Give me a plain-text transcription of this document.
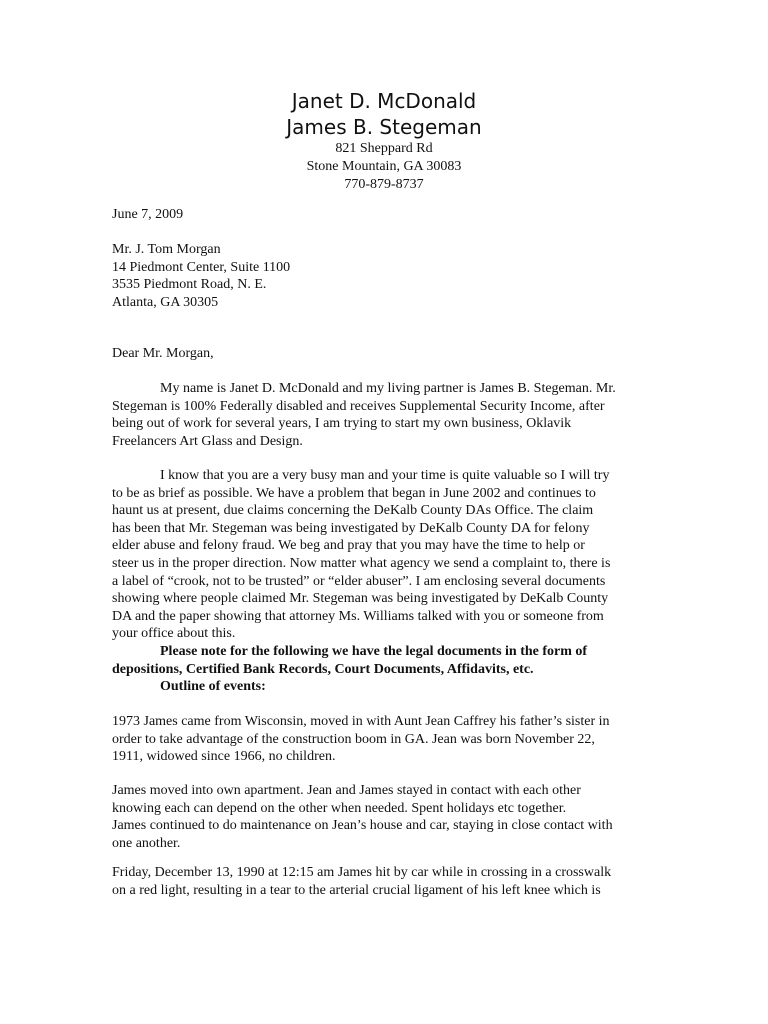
Janet D. McDonald

James B. Stegeman

821 Sheppard Rd

Stone Mountain, GA 30083

770-879-8737

June 7, 2009

Mr. J. Tom Morgan

14 Piedmont Center, Suite 1100

3535 Piedmont Road, N. E.

Atlanta, GA 30305

Dear Mr. Morgan,

My name is Janet D. McDonald and my living partner is James B. Stegeman. Mr.
Stegeman is 100% Federally disabled and receives Supplemental Security Income, after
being out of work for several years, I am trying to start my own business, Oklavik
Freelancers Art Glass and Design.
I know that you are a very busy man and your time is quite valuable so I will try
to be as brief as possible. We have a problem that began in June 2002 and continues to
haunt us at present, due claims concerning the DeKalb County DAs Office. The claim
has been that Mr. Stegeman was being investigated by DeKalb County DA for felony
elder abuse and felony fraud. We beg and pray that you may have the time to help or
steer us in the proper direction. Now matter what agency we send a complaint to, there is
a label of “crook, not to be trusted” or “elder abuser”. I am enclosing several documents
showing where people claimed Mr. Stegeman was being investigated by DeKalb County
DA and the paper showing that attorney Ms. Williams talked with you or someone from
your office about this.
Please note for the following we have the legal documents in the form of
depositions, Certified Bank Records, Court Documents, Affidavits, etc.
Outline of events:
1973 James came from Wisconsin, moved in with Aunt Jean Caffrey his father’s sister in
order to take advantage of the construction boom in GA. Jean was born November 22,
1911, widowed since 1966, no children.
James moved into own apartment. Jean and James stayed in contact with each other
knowing each can depend on the other when needed. Spent holidays etc together.
James continued to do maintenance on Jean’s house and car, staying in close contact with
one another.
Friday, December 13, 1990 at 12:15 am James hit by car while in crossing in a crosswalk
on a red light, resulting in a tear to the arterial crucial ligament of his left knee which is
